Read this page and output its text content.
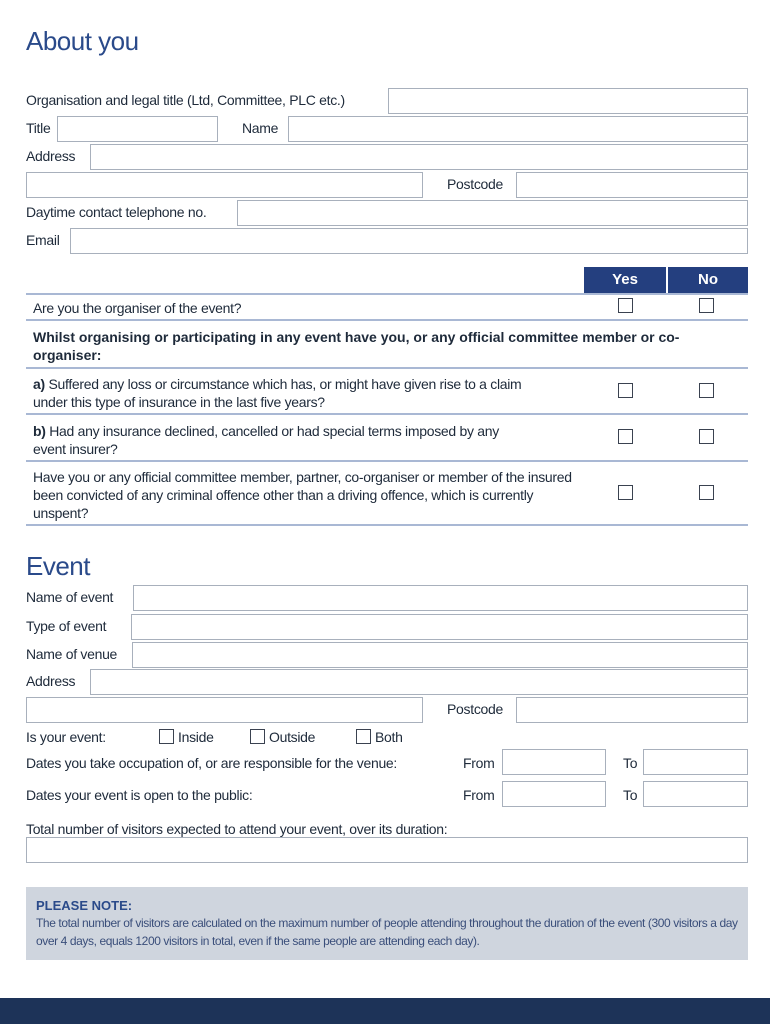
About you
Organisation and legal title (Ltd, Committee, PLC etc.)
Title	Name
Address
Postcode
Daytime contact telephone no.
Email
Yes	No
Are you the organiser of the event?
Whilst organising or participating in any event have you, or any official committee member or co-organiser:
a) Suffered any loss or circumstance which has, or might have given rise to a claim under this type of insurance in the last five years?
b) Had any insurance declined, cancelled or had special terms imposed by any event insurer?
Have you or any official committee member, partner, co-organiser or member of the insured been convicted of any criminal offence other than a driving offence, which is currently unspent?
Event
Name of event
Type of event
Name of venue
Address
Postcode
Is your event:	Inside	Outside	Both
Dates you take occupation of, or are responsible for the venue:	From	To
Dates your event is open to the public:	From	To
Total number of visitors expected to attend your event, over its duration:
PLEASE NOTE:
The total number of visitors are calculated on the maximum number of people attending throughout the duration of the event (300 visitors a day over 4 days, equals 1200 visitors in total, even if the same people are attending each day).
